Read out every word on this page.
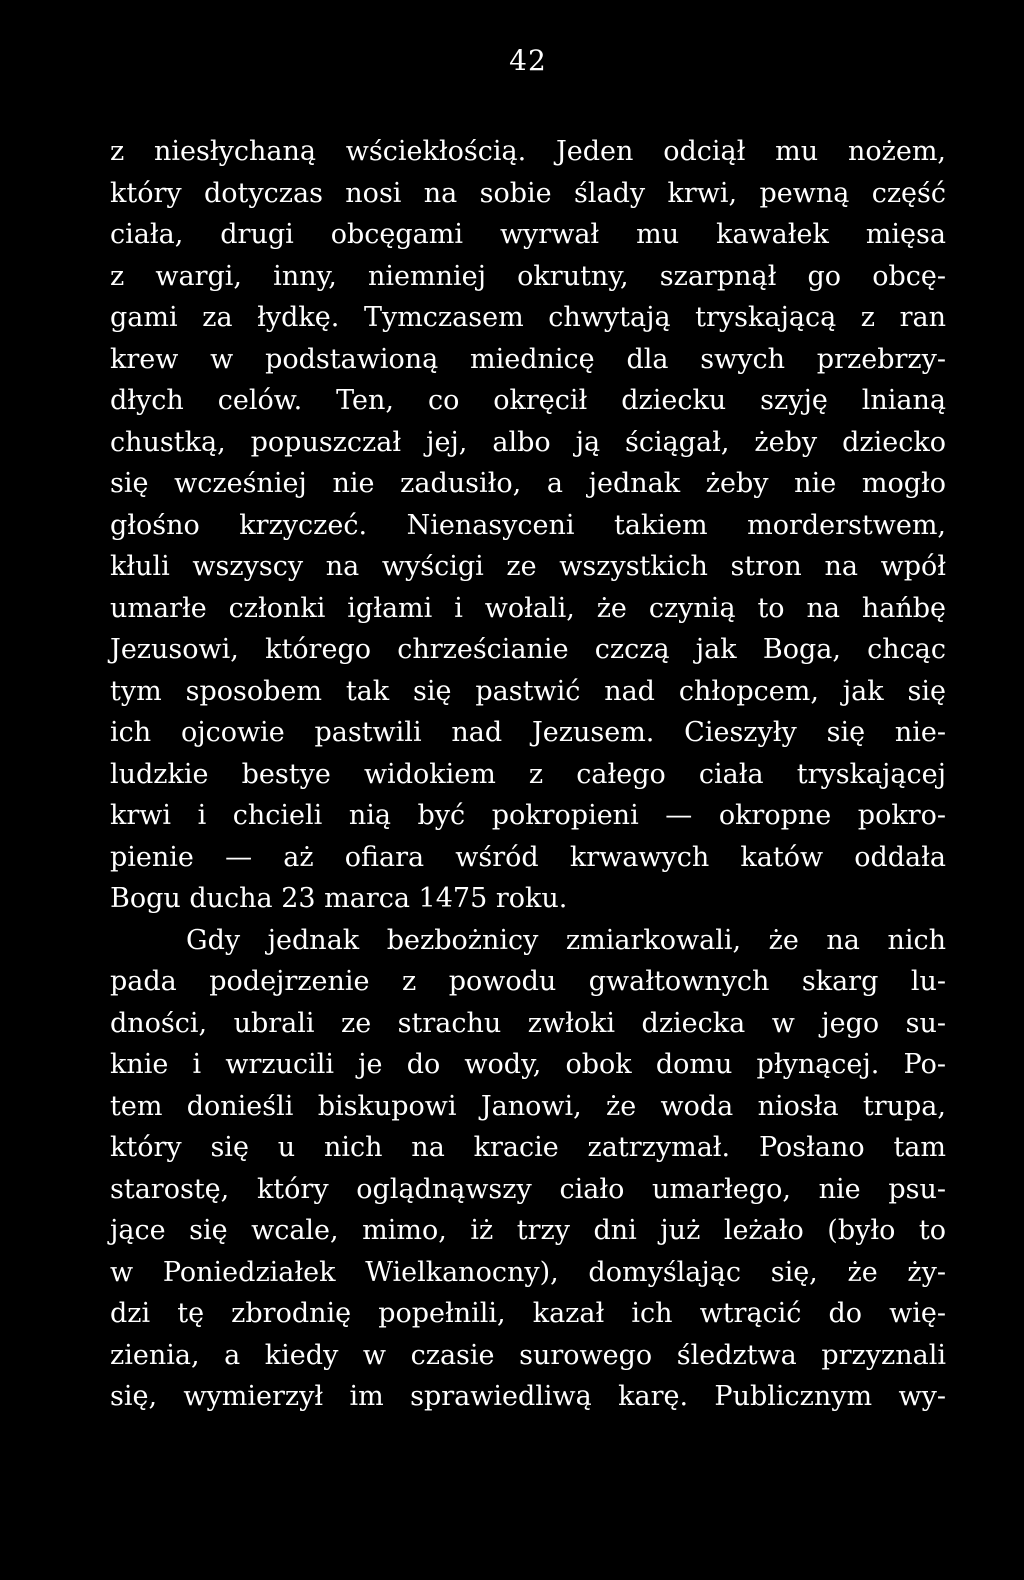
42
z niesłychaną wściekłością. Jeden odciął mu nożem,
który dotyczas nosi na sobie ślady krwi, pewną część
ciała, drugi obcęgami wyrwał mu kawałek mięsa
z wargi, inny, niemniej okrutny, szarpnął go obcę-
gami za łydkę. Tymczasem chwytają tryskającą z ran
krew w podstawioną miednicę dla swych przebrzy-
dłych celów. Ten, co okręcił dziecku szyję lnianą
chustką, popuszczał jej, albo ją ściągał, żeby dziecko
się wcześniej nie zadusiło, a jednak żeby nie mogło
głośno krzyczeć. Nienasyceni takiem morderstwem,
kłuli wszyscy na wyścigi ze wszystkich stron na wpół
umarłe członki igłami i wołali, że czynią to na hańbę
Jezusowi, którego chrześcianie czczą jak Boga, chcąc
tym sposobem tak się pastwić nad chłopcem, jak się
ich ojcowie pastwili nad Jezusem. Cieszyły się nie-
ludzkie bestye widokiem z całego ciała tryskającej
krwi i chcieli nią być pokropieni — okropne pokro-
pienie — aż ofiara wśród krwawych katów oddała
Bogu ducha 23 marca 1475 roku.
Gdy jednak bezbożnicy zmiarkowali, że na nich
pada podejrzenie z powodu gwałtownych skarg lu-
dności, ubrali ze strachu zwłoki dziecka w jego su-
knie i wrzucili je do wody, obok domu płynącej. Po-
tem donieśli biskupowi Janowi, że woda niosła trupa,
który się u nich na kracie zatrzymał. Posłano tam
starostę, który oglądnąwszy ciało umarłego, nie psu-
jące się wcale, mimo, iż trzy dni już leżało (było to
w Poniedziałek Wielkanocny), domyślając się, że ży-
dzi tę zbrodnię popełnili, kazał ich wtrącić do wię-
zienia, a kiedy w czasie surowego śledztwa przyznali
się, wymierzył im sprawiedliwą karę. Publicznym wy-
